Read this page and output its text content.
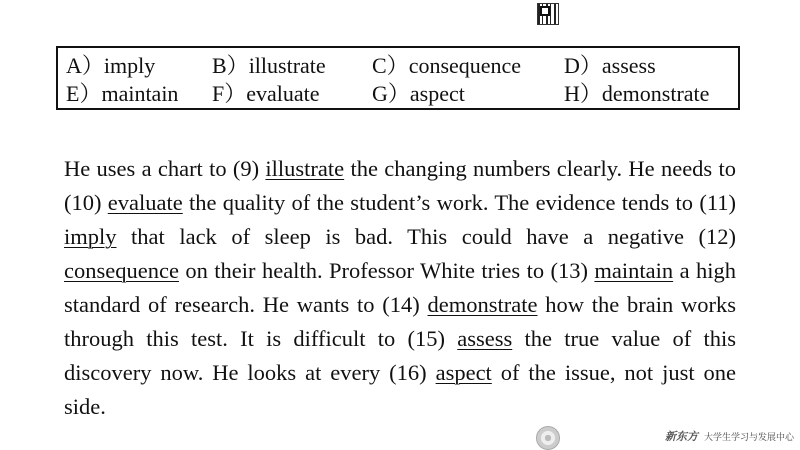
A）imply	B）illustrate C）consequence D）assess
E）maintain F）evaluate G）aspect	H）demonstrate

He uses a chart to (9) illustrate the changing numbers clearly. He needs to (10) evaluate the quality of the student’s work. The evidence tends to (11) imply that lack of sleep is bad. This could have a negative (12) consequence on their health. Professor White tries to (13) maintain a high standard of research. He wants to (14) demonstrate how the brain works through this test. It is difficult to (15) assess the true value of this discovery now. He looks at every (16) aspect of the issue, not just one side.

新东方 大学生学习与发展中心
